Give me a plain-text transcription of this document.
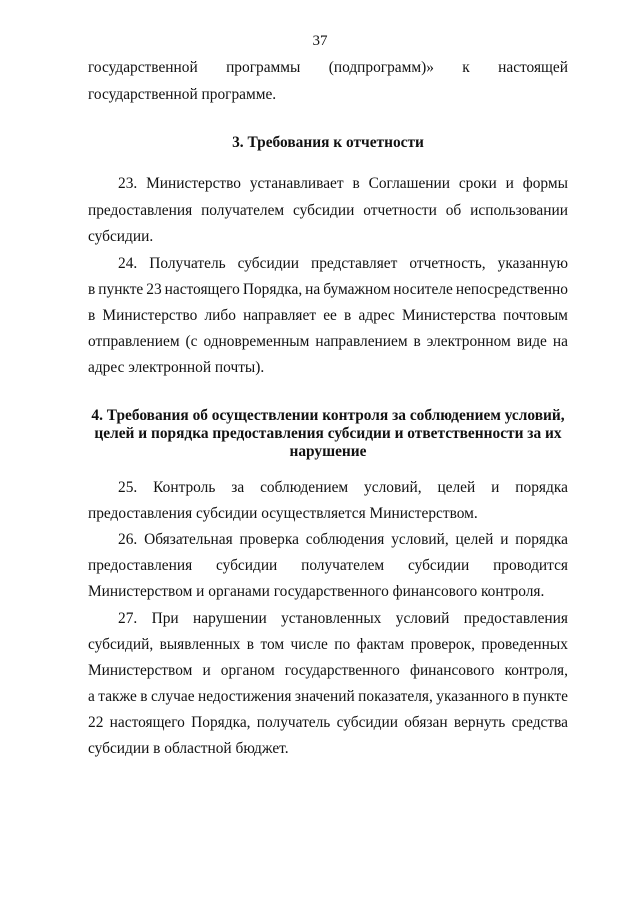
37
государственной программы (подпрограмм)» к настоящей
государственной программе.
3. Требования к отчетности
23. Министерство устанавливает в Соглашении сроки и формы
предоставления получателем субсидии отчетности об использовании
субсидии.
24. Получатель субсидии представляет отчетность, указанную
в пункте 23 настоящего Порядка, на бумажном носителе непосредственно
в Министерство либо направляет ее в адрес Министерства почтовым
отправлением (с одновременным направлением в электронном виде на
адрес электронной почты).
4. Требования об осуществлении контроля за соблюдением условий,
целей и порядка предоставления субсидии и ответственности за их
нарушение
25. Контроль за соблюдением условий, целей и порядка
предоставления субсидии осуществляется Министерством.
26. Обязательная проверка соблюдения условий, целей и порядка
предоставления субсидии получателем субсидии проводится
Министерством и органами государственного финансового контроля.
27. При нарушении установленных условий предоставления
субсидий, выявленных в том числе по фактам проверок, проведенных
Министерством и органом государственного финансового контроля,
а также в случае недостижения значений показателя, указанного в пункте
22 настоящего Порядка, получатель субсидии обязан вернуть средства
субсидии в областной бюджет.
